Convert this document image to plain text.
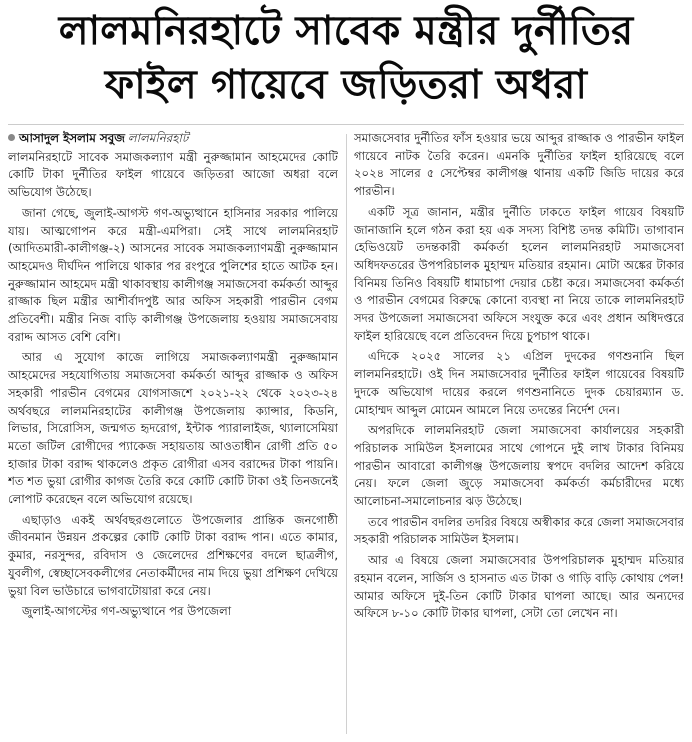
লালমনিরহাটে সাবেক মন্ত্রীর দুর্নীতির
ফাইল গায়েবে জড়িতরা অধরা
আসাদুল ইসলাম সবুজ লালমনিরহাট

লালমনিরহাটে সাবেক সমাজকল্যাণ মন্ত্রী নুরুজ্জামান আহমেদের কোটি কোটি টাকা দুর্নীতির ফাইল গায়েবে জড়িতরা আজো অধরা বলে অভিযোগ উঠেছে।

জানা গেছে, জুলাই-আগস্ট গণ-অভ্যুত্থানে হাসিনার সরকার পালিয়ে যায়। আত্মগোপন করে মন্ত্রী-এমপিরা। সেই সাথে লালমনিরহাট (আদিতমারী-কালীগঞ্জ-২) আসনের সাবেক সমাজকল্যাণমন্ত্রী নুরুজ্জামান আহমেদও দীর্ঘদিন পালিয়ে থাকার পর রংপুরে পুলিশের হাতে আটক হন। নুরুজ্জামান আহমেদ মন্ত্রী থাকাবস্থায় কালীগঞ্জ সমাজসেবা কর্মকর্তা আব্দুর রাজ্জাক ছিল মন্ত্রীর আশীর্বাদপুষ্ট আর অফিস সহকারী পারভীন বেগম প্রতিবেশী। মন্ত্রীর নিজ বাড়ি কালীগঞ্জ উপজেলায় হওয়ায় সমাজসেবায় বরাদ্দ আসত বেশি বেশি।

আর এ সুযোগ কাজে লাগিয়ে সমাজকল্যাণমন্ত্রী নুরুজ্জামান আহমেদের সহযোগিতায় সমাজসেবা কর্মকর্তা আব্দুর রাজ্জাক ও অফিস সহকারী পারভীন বেগমের যোগসাজশে ২০২১-২২ থেকে ২০২৩-২৪ অর্থবছরে লালমনিরহাটের কালীগঞ্জ উপজেলায় ক্যান্সার, কিডনি, লিভার, সিরোসিস, জন্মগত হৃদরোগ, ইন্টাক প্যারালাইজ, থ্যালাসেমিয়া মতো জটিল রোগীদের প্যাকেজ সহায়তায় আওতাধীন রোগী প্রতি ৫০ হাজার টাকা বরাদ্দ থাকলেও প্রকৃত রোগীরা এসব বরাদ্দের টাকা পায়নি। শত শত ভুয়া রোগীর কাগজ তৈরি করে কোটি কোটি টাকা ওই তিনজনেই লোপাট করেছেন বলে অভিযোগ রয়েছে।

এছাড়াও একই অর্থবছরগুলোতে উপজেলার প্রান্তিক জনগোষ্ঠী জীবনমান উন্নয়ন প্রকল্পের কোটি কোটি টাকা বরাদ্দ পান। এতে কামার, কুমার, নরসুন্দর, রবিদাস ও জেলেদের প্রশিক্ষণের বদলে ছাত্রলীগ, যুবলীগ, স্বেচ্ছাসেবকলীগের নেতাকর্মীদের নাম দিয়ে ভুয়া প্রশিক্ষণ দেখিয়ে ভুয়া বিল ভাউচারে ভাগবাটোয়ারা করে নেয়।

জুলাই-আগস্টের গণ-অভ্যুত্থানে পর উপজেলা

সমাজসেবার দুর্নীতির ফাঁস হওয়ার ভয়ে আব্দুর রাজ্জাক ও পারভীন ফাইল গায়েবে নাটক তৈরি করেন। এমনকি দুর্নীতির ফাইল হারিয়েছে বলে ২০২৪ সালের ৫ সেপ্টেম্বর কালীগঞ্জ থানায় একটি জিডি দায়ের করে পারভীন।

একটি সূত্র জানান, মন্ত্রীর দুর্নীতি ঢাকতে ফাইল গায়েব বিষয়টি জানাজানি হলে গঠন করা হয় এক সদস্য বিশিষ্ট তদন্ত কমিটি। তাগাবান হেভিওয়েট তদন্তকারী কর্মকর্তা হলেন লালমনিরহাট সমাজসেবা অধিদফতরের উপপরিচালক মুহাম্মদ মতিয়ার রহমান। মোটা অঙ্কের টাকার বিনিময় তিনিও বিষয়টি ধামাচাপা দেয়ার চেষ্টা করে। সমাজসেবা কর্মকর্তা ও পারভীন বেগমের বিরুদ্ধে কোনো ব্যবস্থা না নিয়ে তাকে লালমনিরহাট সদর উপজেলা সমাজসেবা অফিসে সংযুক্ত করে এবং প্রধান অধিদপ্তরে ফাইল হারিয়েছে বলে প্রতিবেদন দিয়ে চুপচাপ থাকে।

এদিকে ২০২৫ সালের ২১ এপ্রিল দুদকের গণশুনানি ছিল লালমনিরহাটে। ওই দিন সমাজসেবার দুর্নীতির ফাইল গায়েবের বিষয়টি দুদকে অভিযোগ দায়ের করলে গণশুনানিতে দুদক চেয়ারম্যান ড. মোহাম্মদ আব্দুল মোমেন আমলে নিয়ে তদন্তের নির্দেশ দেন।

অপরদিকে লালমনিরহাট জেলা সমাজসেবা কার্যালয়ের সহকারী পরিচালক সামিউল ইসলামের সাথে গোপনে দুই লাখ টাকার বিনিময় পারভীন আবারো কালীগঞ্জ উপজেলায় স্বপদে বদলির আদেশ করিয়ে নেয়। ফলে জেলা জুড়ে সমাজসেবা কর্মকর্তা কর্মচারীদের মধ্যে আলোচনা-সমালোচনার ঝড় উঠেছে।

তবে পারভীন বদলির তদরির বিষয়ে অস্বীকার করে জেলা সমাজসেবার সহকারী পরিচালক সামিউল ইসলাম।

আর এ বিষয়ে জেলা সমাজসেবার উপপরিচালক মুহাম্মদ মতিয়ার রহমান বলেন, সার্জিস ও হাসনাত এত টাকা ও গাড়ি বাড়ি কোথায় পেল! আমার অফিসে দুই-তিন কোটি টাকার ঘাপলা আছে। আর অন্যদের অফিসে ৮-১০ কোটি টাকার ঘাপলা, সেটা তো লেখেন না।
